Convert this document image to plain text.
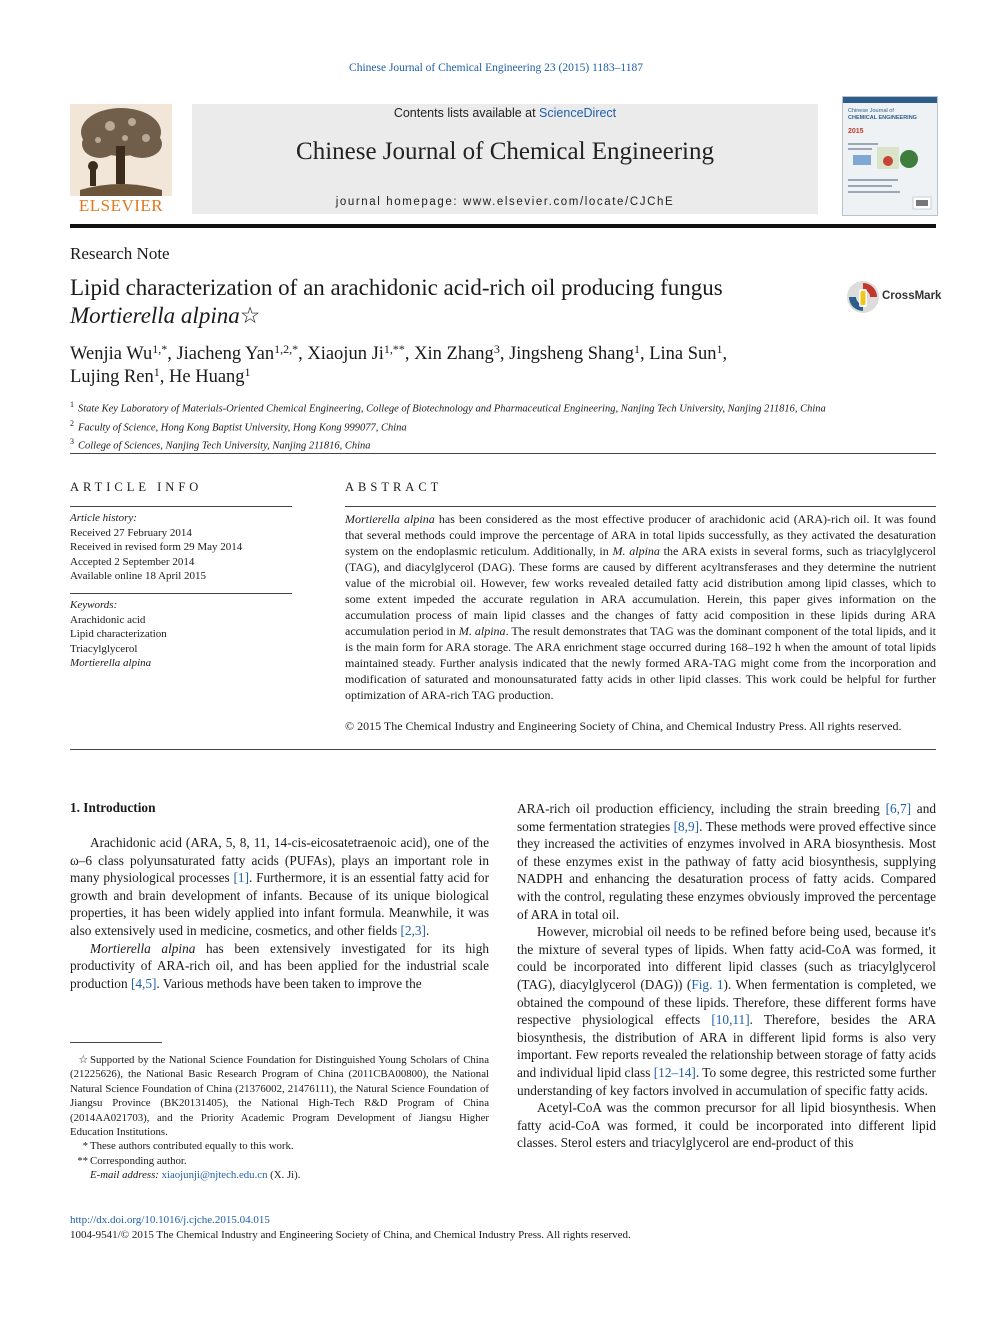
Chinese Journal of Chemical Engineering 23 (2015) 1183–1187
ELSEVIER
Contents lists available at ScienceDirect
Chinese Journal of Chemical Engineering
journal homepage: www.elsevier.com/locate/CJChE
Chinese Journal of
CHEMICAL ENGINEERING
2015
Research Note
Lipid characterization of an arachidonic acid-rich oil producing fungus
Mortierella alpina☆
CrossMark
Wenjia $Wu^{1,*}$, Jiacheng Yan$^{1,2,*}$, Xiaojun $Ji^{1,**}$, Xin Zhang$^3$, Jingsheng Shang$^1$, Lina Sun$^1$,
Lujing Ren$^1$, He Huang$^1$
$^1$ State Key Laboratory of Materials-Oriented Chemical Engineering, College of Biotechnology and Pharmaceutical Engineering, Nanjing Tech University, Nanjing 211816, China
$^2$ Faculty of Science, Hong Kong Baptist University, Hong Kong 999077, China
$^3$ College of Sciences, Nanjing Tech University, Nanjing 211816, China
ARTICLE INFO
Article history:
Received 27 February 2014
Received in revised form 29 May 2014
Accepted 2 September 2014
Available online 18 April 2015
Keywords:
Arachidonic acid
Lipid characterization
Triacylglycerol
Mortierella alpina
ABSTRACT
Mortierella alpina has been considered as the most effective producer of arachidonic acid (ARA)-rich oil. It was found that several methods could improve the percentage of ARA in total lipids successfully, as they activated the desaturation system on the endoplasmic reticulum. Additionally, in M. alpina the ARA exists in several forms, such as triacylglycerol (TAG), and diacylglycerol (DAG). These forms are caused by different acyltransferases and they determine the nutrient value of the microbial oil. However, few works revealed detailed fatty acid distribution among lipid classes, which to some extent impeded the accurate regulation in ARA accumulation. Herein, this paper gives information on the accumulation process of main lipid classes and the changes of fatty acid composition in these lipids during ARA accumulation period in M. alpina. The result demonstrates that TAG was the dominant component of the total lipids, and it is the main form for ARA storage. The ARA enrichment stage occurred during 168–192 h when the amount of total lipids maintained steady. Further analysis indicated that the newly formed ARA-TAG might come from the incorporation and modification of saturated and monounsaturated fatty acids in other lipid classes. This work could be helpful for further optimization of ARA-rich TAG production.
© 2015 The Chemical Industry and Engineering Society of China, and Chemical Industry Press. All rights reserved.
1. Introduction

Arachidonic acid (ARA, 5, 8, 11, 14-cis-eicosatetraenoic acid), one of the ω–6 class polyunsaturated fatty acids (PUFAs), plays an important role in many physiological processes [1]. Furthermore, it is an essential fatty acid for growth and brain development of infants. Because of its unique biological properties, it has been widely applied into infant formula. Meanwhile, it was also extensively used in medicine, cosmetics, and other fields [2,3].

Mortierella alpina has been extensively investigated for its high productivity of ARA-rich oil, and has been applied for the industrial scale production [4,5]. Various methods have been taken to improve the

ARA-rich oil production efficiency, including the strain breeding [6,7] and some fermentation strategies [8,9]. These methods were proved effective since they increased the activities of enzymes involved in ARA biosynthesis. Most of these enzymes exist in the pathway of fatty acid biosynthesis, supplying NADPH and enhancing the desaturation process of fatty acids. Compared with the control, regulating these enzymes obviously improved the percentage of ARA in total oil.

However, microbial oil needs to be refined before being used, because it's the mixture of several types of lipids. When fatty acid-CoA was formed, it could be incorporated into different lipid classes (such as triacylglycerol (TAG), diacylglycerol (DAG)) (Fig. 1). When fermentation is completed, we obtained the compound of these lipids. Therefore, these different forms have respective physiological effects [10,11]. Therefore, besides the ARA biosynthesis, the distribution of ARA in different lipid forms is also very important. Few reports revealed the relationship between storage of fatty acids and individual lipid class [12–14]. To some degree, this restricted some further understanding of key factors involved in accumulation of specific fatty acids.

Acetyl-CoA was the common precursor for all lipid biosynthesis. When fatty acid-CoA was formed, it could be incorporated into different lipid classes. Sterol esters and triacylglycerol are end-product of this

☆ Supported by the National Science Foundation for Distinguished Young Scholars of China (21225626), the National Basic Research Program of China (2011CBA00800), the National Natural Science Foundation of China (21376002, 21476111), the Natural Science Foundation of Jiangsu Province (BK20131405), the National High-Tech R&D Program of China (2014AA021703), and the Priority Academic Program Development of Jiangsu Higher Education Institutions.

* These authors contributed equally to this work.

** Corresponding author.

E-mail address: xiaojunji@njtech.edu.cn (X. Ji).

http://dx.doi.org/10.1016/j.cjche.2015.04.015
1004-9541/© 2015 The Chemical Industry and Engineering Society of China, and Chemical Industry Press. All rights reserved.
